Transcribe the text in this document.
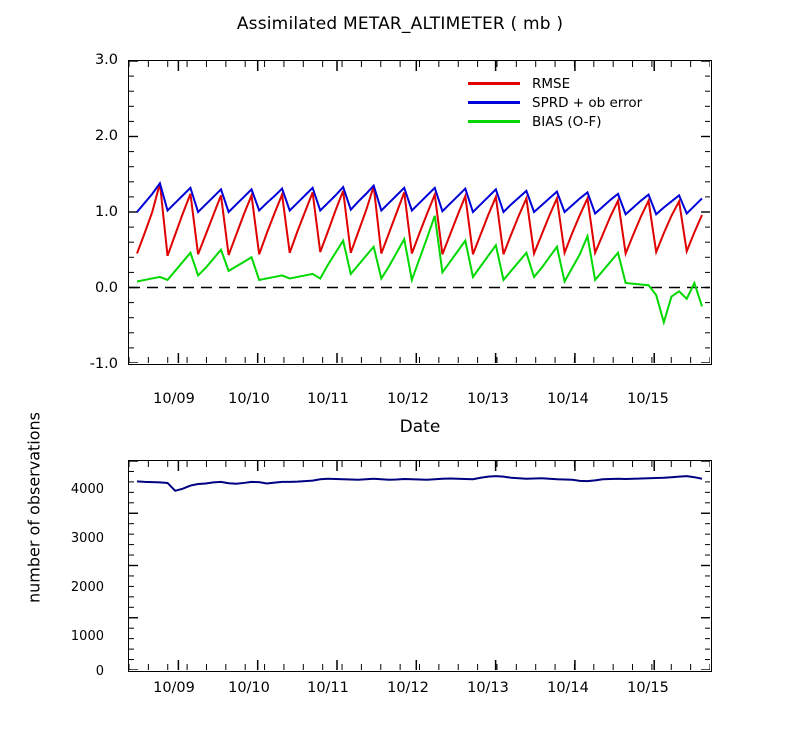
Assimilated METAR_ALTIMETER ( mb )
3.0
2.0
1.0
0.0
-1.0
10/09	10/10	10/11	10/12	10/13	10/14	10/15
Date
RMSE
SPRD + ob error
BIAS (O-F)
number of observations	4000
3000
2000
1000
0
10/09	10/10	10/11	10/12	10/13	10/14	10/15
